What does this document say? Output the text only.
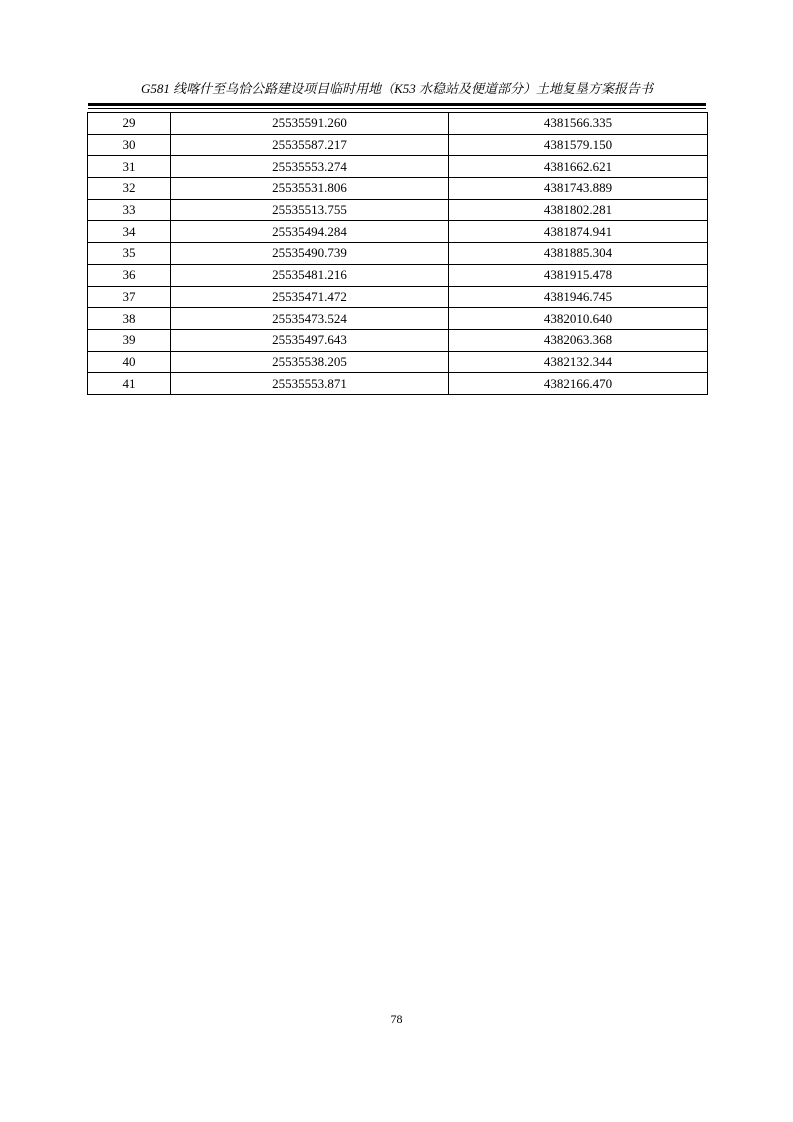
G581 线喀什至乌恰公路建设项目临时用地（K53 水稳站及便道部分）土地复垦方案报告书
29	25535591.260	4381566.335
30	25535587.217	4381579.150
31	25535553.274	4381662.621
32	25535531.806	4381743.889
33	25535513.755	4381802.281
34	25535494.284	4381874.941
35	25535490.739	4381885.304
36	25535481.216	4381915.478
37	25535471.472	4381946.745
38	25535473.524	4382010.640
39	25535497.643	4382063.368
40	25535538.205	4382132.344
41	25535553.871	4382166.470
78
